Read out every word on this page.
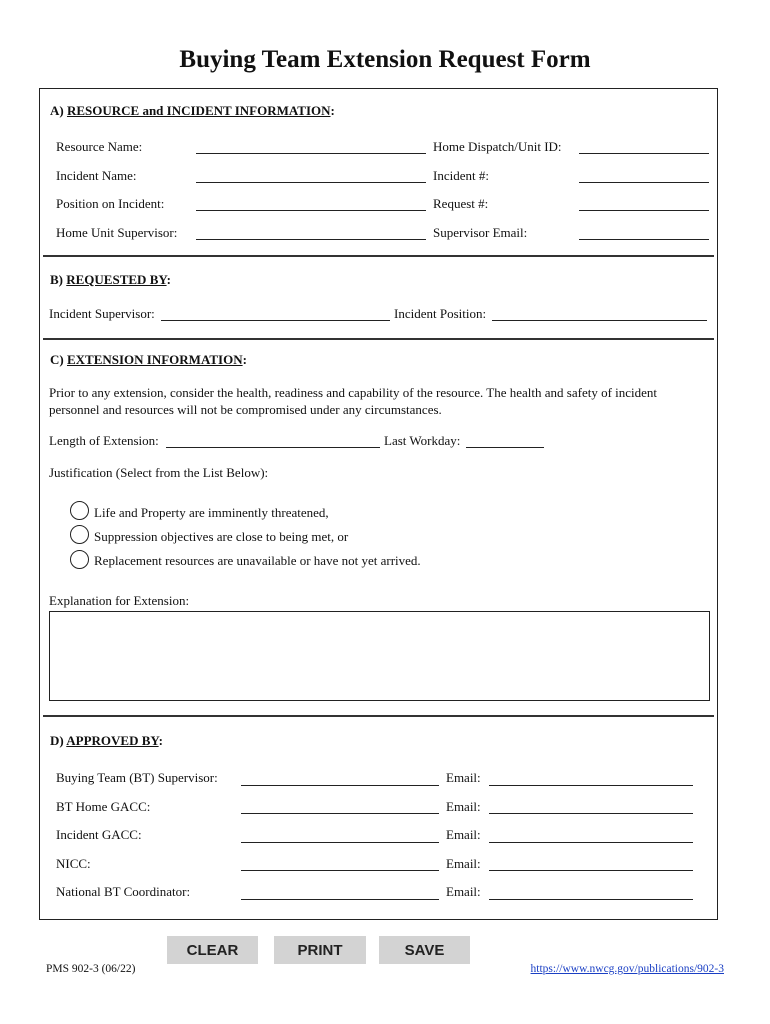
Buying Team Extension Request Form
A) RESOURCE and INCIDENT INFORMATION:
Resource Name:	Home Dispatch/Unit ID:
Incident Name:	Incident #:
Position on Incident:	Request #:
Home Unit Supervisor:	Supervisor Email:
B) REQUESTED BY:
Incident Supervisor:	Incident Position:
C) EXTENSION INFORMATION:
Prior to any extension, consider the health, readiness and capability of the resource. The health and safety of incident
personnel and resources will not be compromised under any circumstances.
Length of Extension:	Last Workday:
Justification (Select from the List Below):
Life and Property are imminently threatened,
Suppression objectives are close to being met, or
Replacement resources are unavailable or have not yet arrived.
Explanation for Extension:
D) APPROVED BY:
Buying Team (BT) Supervisor:	Email:
BT Home GACC:	Email:
Incident GACC:	Email:
NICC:	Email:
National BT Coordinator:	Email:
CLEAR	PRINT	SAVE
PMS 902-3 (06/22)	https://www.nwcg.gov/publications/902-3
